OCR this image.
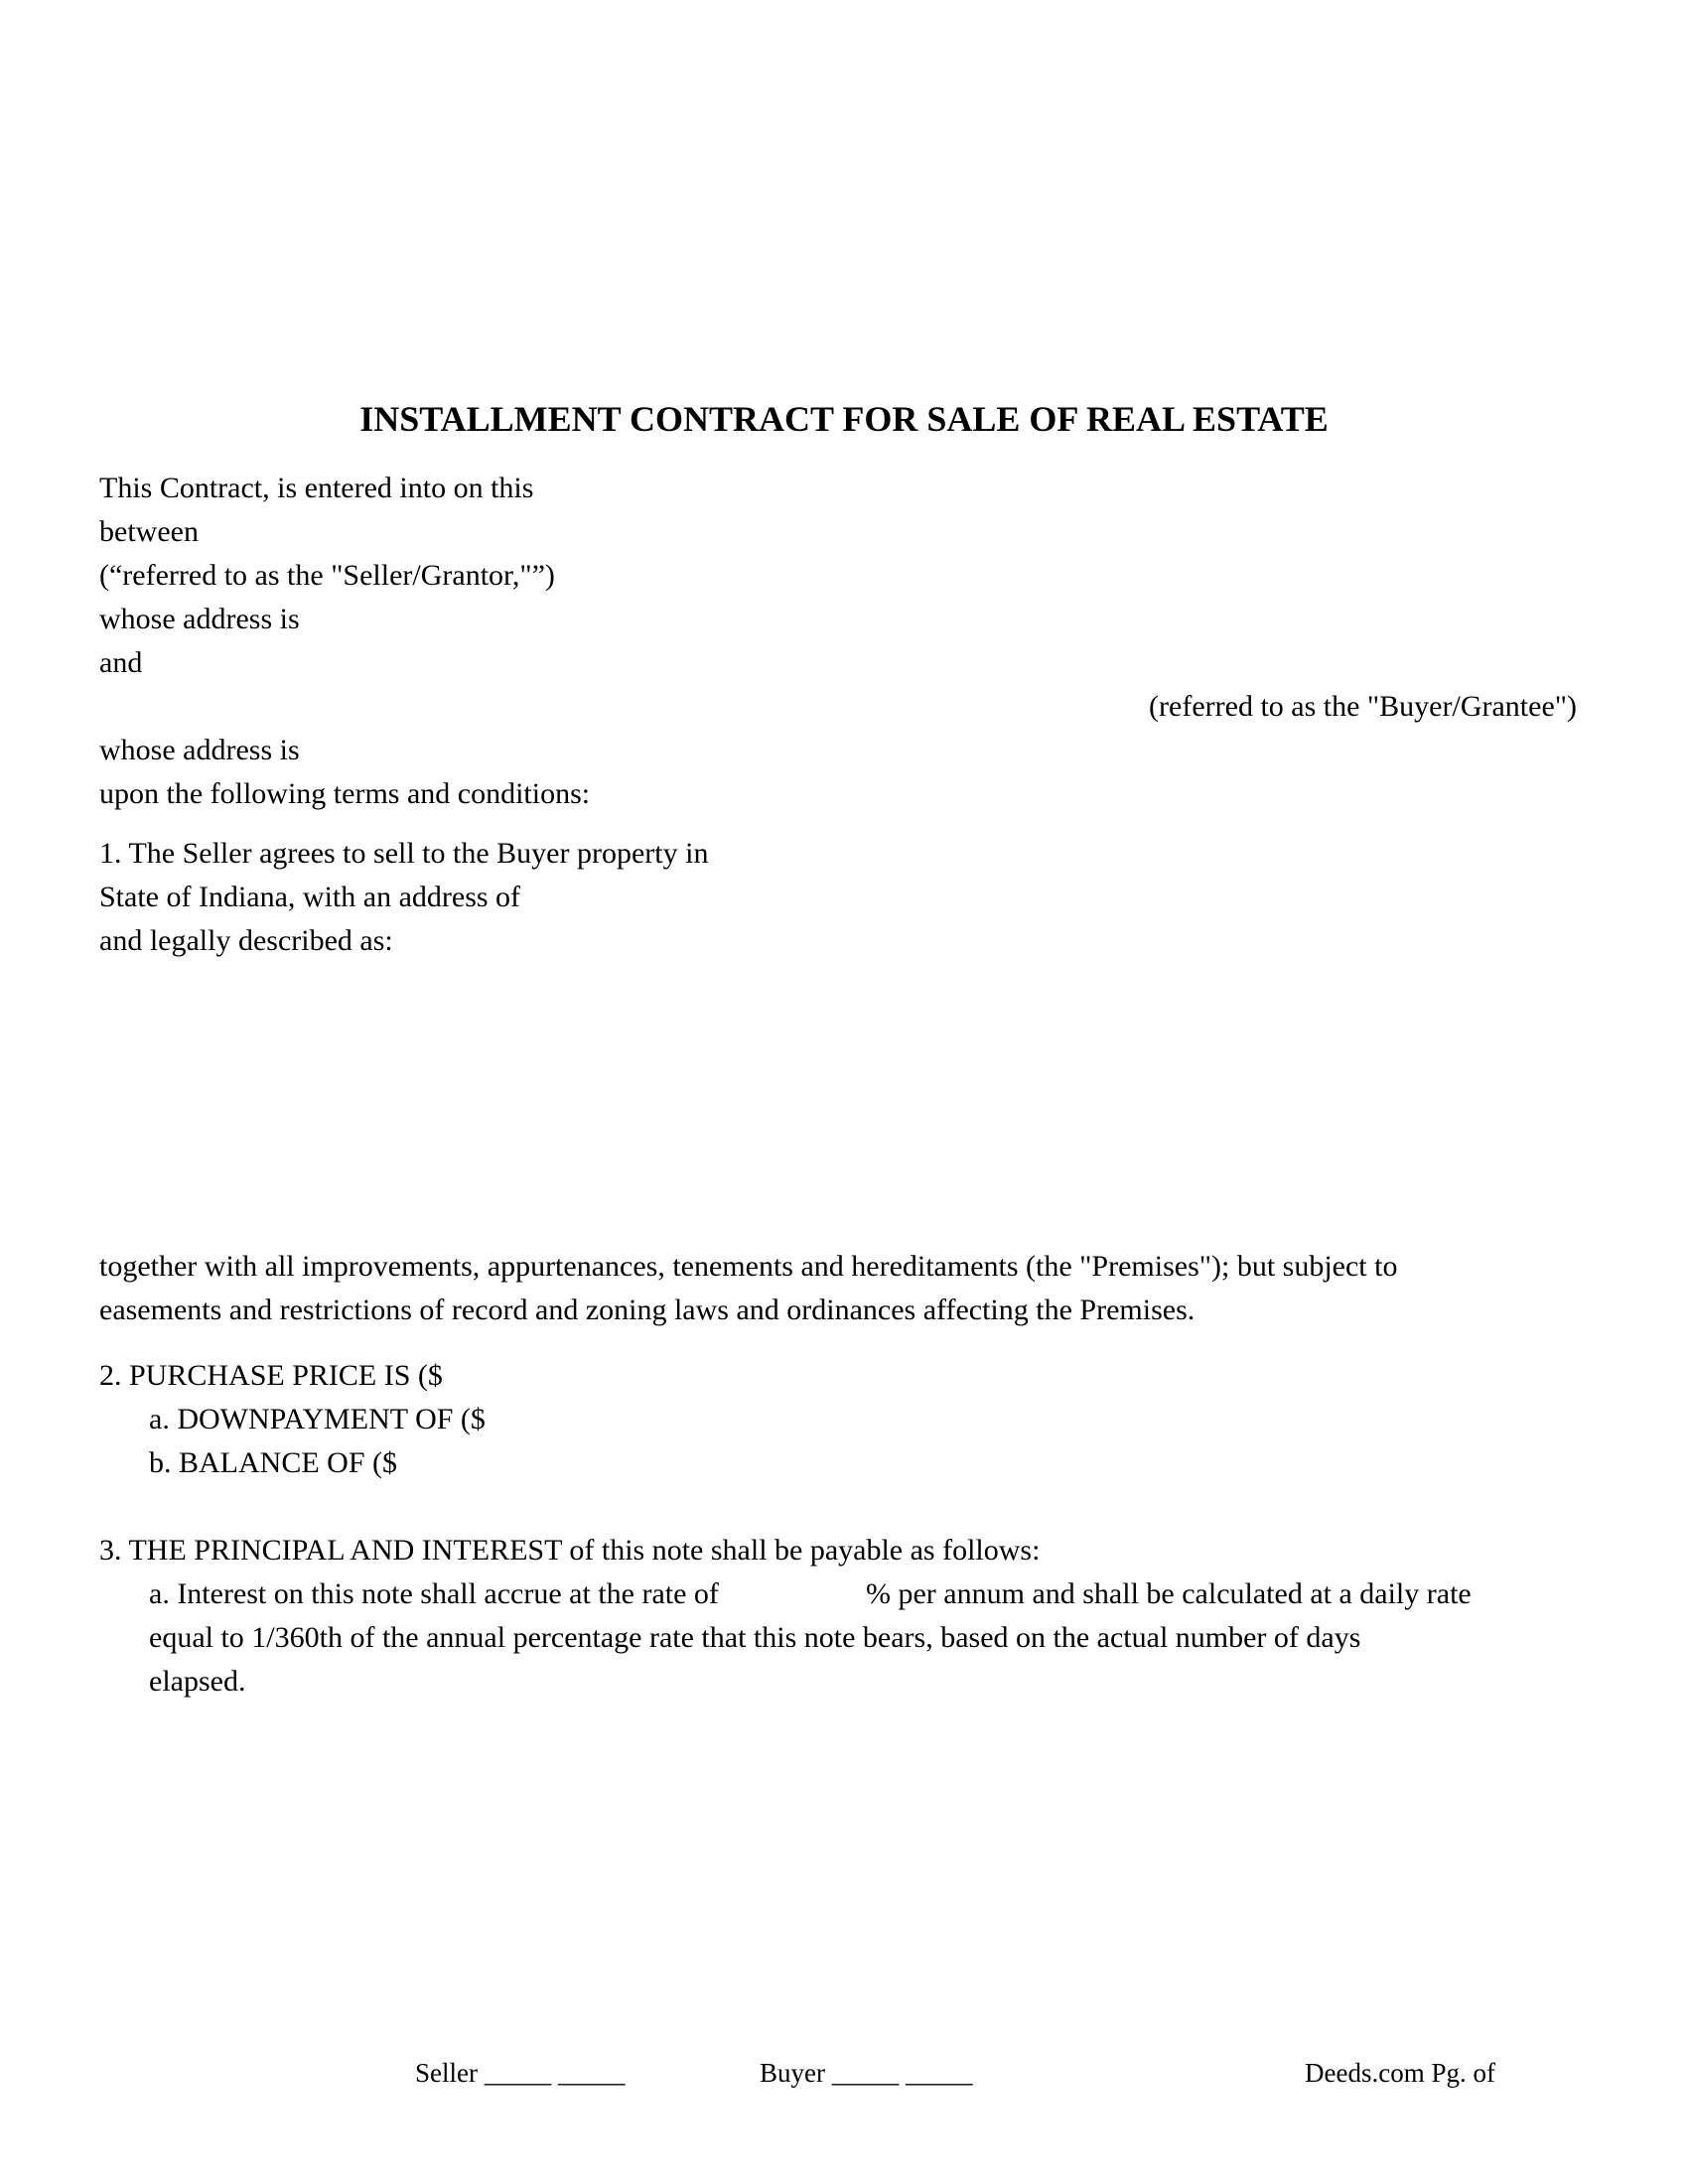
INSTALLMENT CONTRACT FOR SALE OF REAL ESTATE
This Contract, is entered into on this
between
(“referred to as the "Seller/Grantor,"”)
whose address is
and
(referred to as the "Buyer/Grantee")
whose address is
upon the following terms and conditions:
1. The Seller agrees to sell to the Buyer property in
State of Indiana, with an address of
and legally described as:
together with all improvements, appurtenances, tenements and hereditaments (the "Premises"); but subject to
easements and restrictions of record and zoning laws and ordinances affecting the Premises.
2. PURCHASE PRICE IS ($
a. DOWNPAYMENT OF ($
b. BALANCE OF ($
3. THE PRINCIPAL AND INTEREST of this note shall be payable as follows:
a. Interest on this note shall accrue at the rate of	% per annum and shall be calculated at a daily rate
equal to 1/360th of the annual percentage rate that this note bears, based on the actual number of days
elapsed.
Seller _____ _____	Buyer _____ _____	Deeds.com Pg. of
